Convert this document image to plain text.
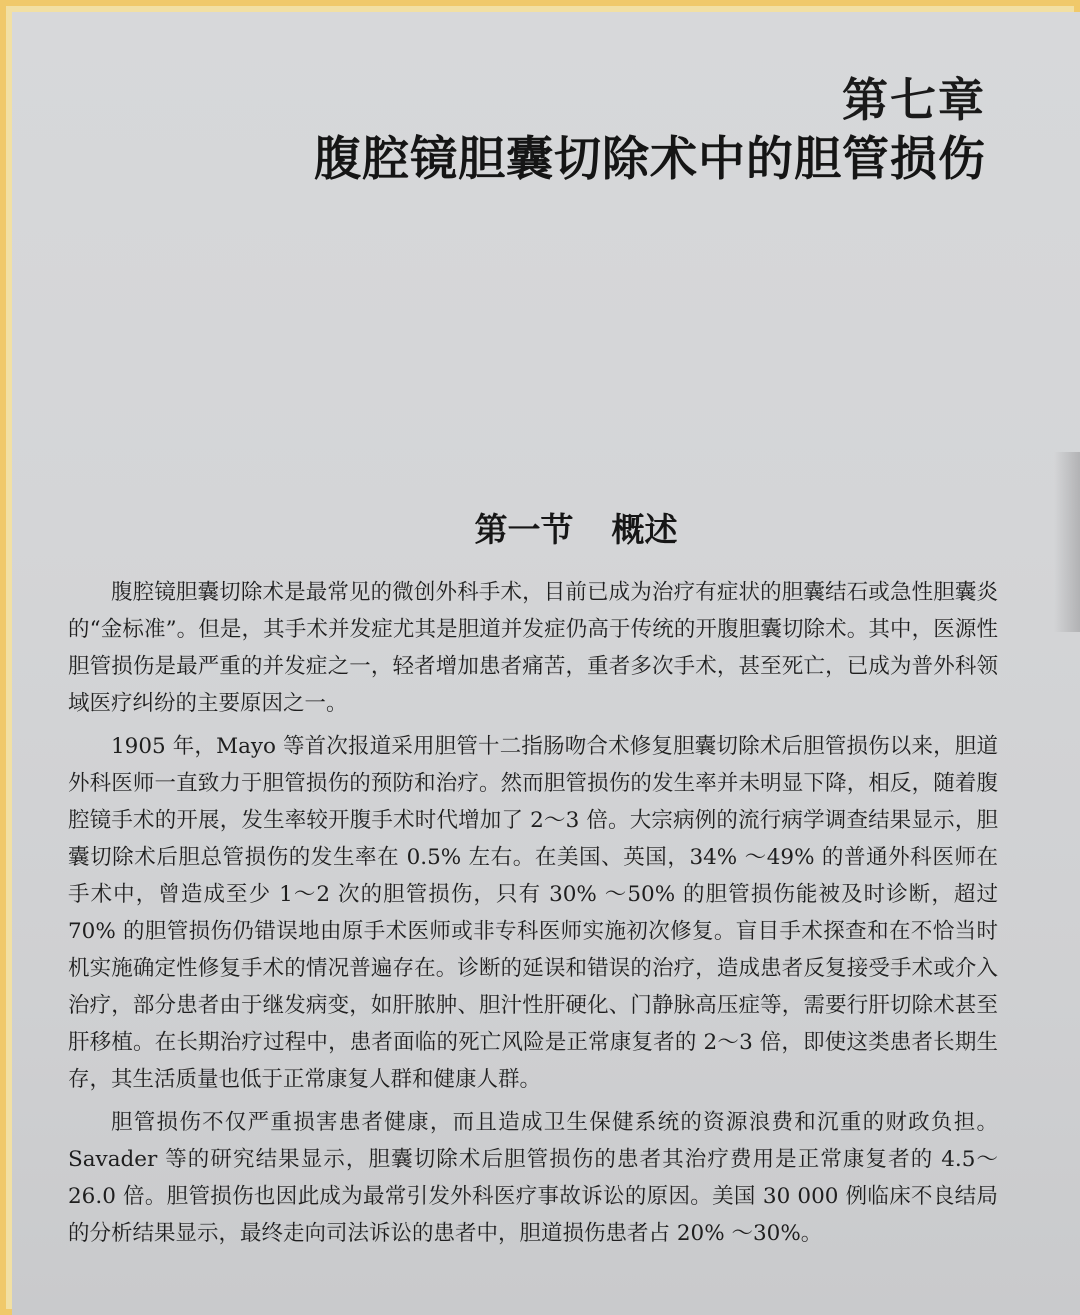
第七章
腹腔镜胆囊切除术中的胆管损伤
第一节 概述

腹腔镜胆囊切除术是最常见的微创外科手术，目前已成为治疗有症状的胆囊结石或急性胆囊炎的“金标准”。但是，其手术并发症尤其是胆道并发症仍高于传统的开腹胆囊切除术。其中，医源性胆管损伤是最严重的并发症之一，轻者增加患者痛苦，重者多次手术，甚至死亡，已成为普外科领域医疗纠纷的主要原因之一。

1905 年，Mayo 等首次报道采用胆管十二指肠吻合术修复胆囊切除术后胆管损伤以来，胆道外科医师一直致力于胆管损伤的预防和治疗。然而胆管损伤的发生率并未明显下降，相反，随着腹腔镜手术的开展，发生率较开腹手术时代增加了 2～3 倍。大宗病例的流行病学调查结果显示，胆囊切除术后胆总管损伤的发生率在 0.5% 左右。在美国、英国，34% ～49% 的普通外科医师在手术中，曾造成至少 1～2 次的胆管损伤，只有 30% ～50% 的胆管损伤能被及时诊断，超过 70% 的胆管损伤仍错误地由原手术医师或非专科医师实施初次修复。盲目手术探查和在不恰当时机实施确定性修复手术的情况普遍存在。诊断的延误和错误的治疗，造成患者反复接受手术或介入治疗，部分患者由于继发病变，如肝脓肿、胆汁性肝硬化、门静脉高压症等，需要行肝切除术甚至肝移植。在长期治疗过程中，患者面临的死亡风险是正常康复者的 2～3 倍，即使这类患者长期生存，其生活质量也低于正常康复人群和健康人群。

胆管损伤不仅严重损害患者健康，而且造成卫生保健系统的资源浪费和沉重的财政负担。Savader 等的研究结果显示，胆囊切除术后胆管损伤的患者其治疗费用是正常康复者的 4.5～26.0 倍。胆管损伤也因此成为最常引发外科医疗事故诉讼的原因。美国 30 000 例临床不良结局的分析结果显示，最终走向司法诉讼的患者中，胆道损伤患者占 20% ～30%。
